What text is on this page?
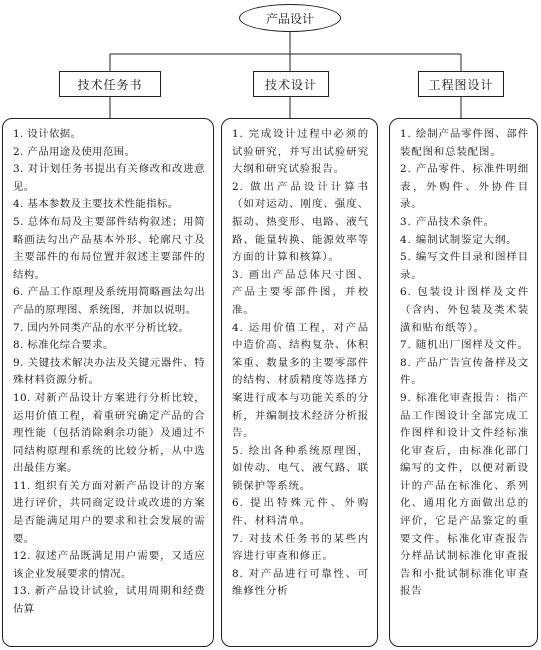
产品设计
技术任务书	技术设计	工程图设计
1. 设计依据。
2. 产品用途及使用范围。
3. 对计划任务书提出有关修改和改进意见。
4. 基本参数及主要技术性能指标。
5. 总体布局及主要部件结构叙述；用简略画法勾出产品基本外形、轮廓尺寸及主要部件的布局位置并叙述主要部件的结构。
6. 产品工作原理及系统用简略画法勾出产品的原理图、系统图，并加以说明。
7. 国内外同类产品的水平分析比较。
8. 标准化综合要求。
9. 关键技术解决办法及关键元器件、特殊材料资源分析。
10. 对新产品设计方案进行分析比较，运用价值工程，着重研究确定产品的合理性能（包括消除剩余功能）及通过不同结构原理和系统的比较分析，从中选出最佳方案。
11. 组织有关方面对新产品设计的方案进行评价，共同商定设计或改进的方案是否能满足用户的要求和社会发展的需要。
12. 叙述产品既满足用户需要，又适应该企业发展要求的情况。
13. 新产品设计试验，试用周期和经费估算
1. 完成设计过程中必须的试验研究，并写出试验研究大纲和研究试验报告。
2. 做出产品设计计算书（如对运动、刚度、强度、振动、热变形、电路、液气路、能量转换、能源效率等方面的计算和核算）。
3. 画出产品总体尺寸图、产品主要零部件图，并校准。
4. 运用价值工程，对产品中造价高、结构复杂、体积笨重、数量多的主要零部件的结构、材质精度等选择方案进行成本与功能关系的分析，并编制技术经济分析报告。
5. 绘出各种系统原理图，如传动、电气、液气路、联锁保护等系统。
6. 提出特殊元件、外购件、材料清单。
7. 对技术任务书的某些内容进行审查和修正。
8. 对产品进行可靠性、可维修性分析
1. 绘制产品零件图、部件装配图和总装配图。
2. 产品零件、标准件明细表，外购件、外协件目录。
3. 产品技术条件。
4. 编制试制鉴定大纲。
5. 编写文件目录和图样目录。
6. 包装设计图样及文件（含内、外包装及类术装潢和贴布纸等）。
7. 随机出厂图样及文件。
8. 产品广告宣传备样及文件。
9. 标准化审查报告：指产品工作图设计全部完成工作图样和设计文件经标准化审查后，由标准化部门编写的文件，以便对新设计的产品在标准化、系列化、通用化方面做出总的评价，它是产品鉴定的重要文件。标准化审查报告分样品试制标准化审查报告和小批试制标准化审查报告
